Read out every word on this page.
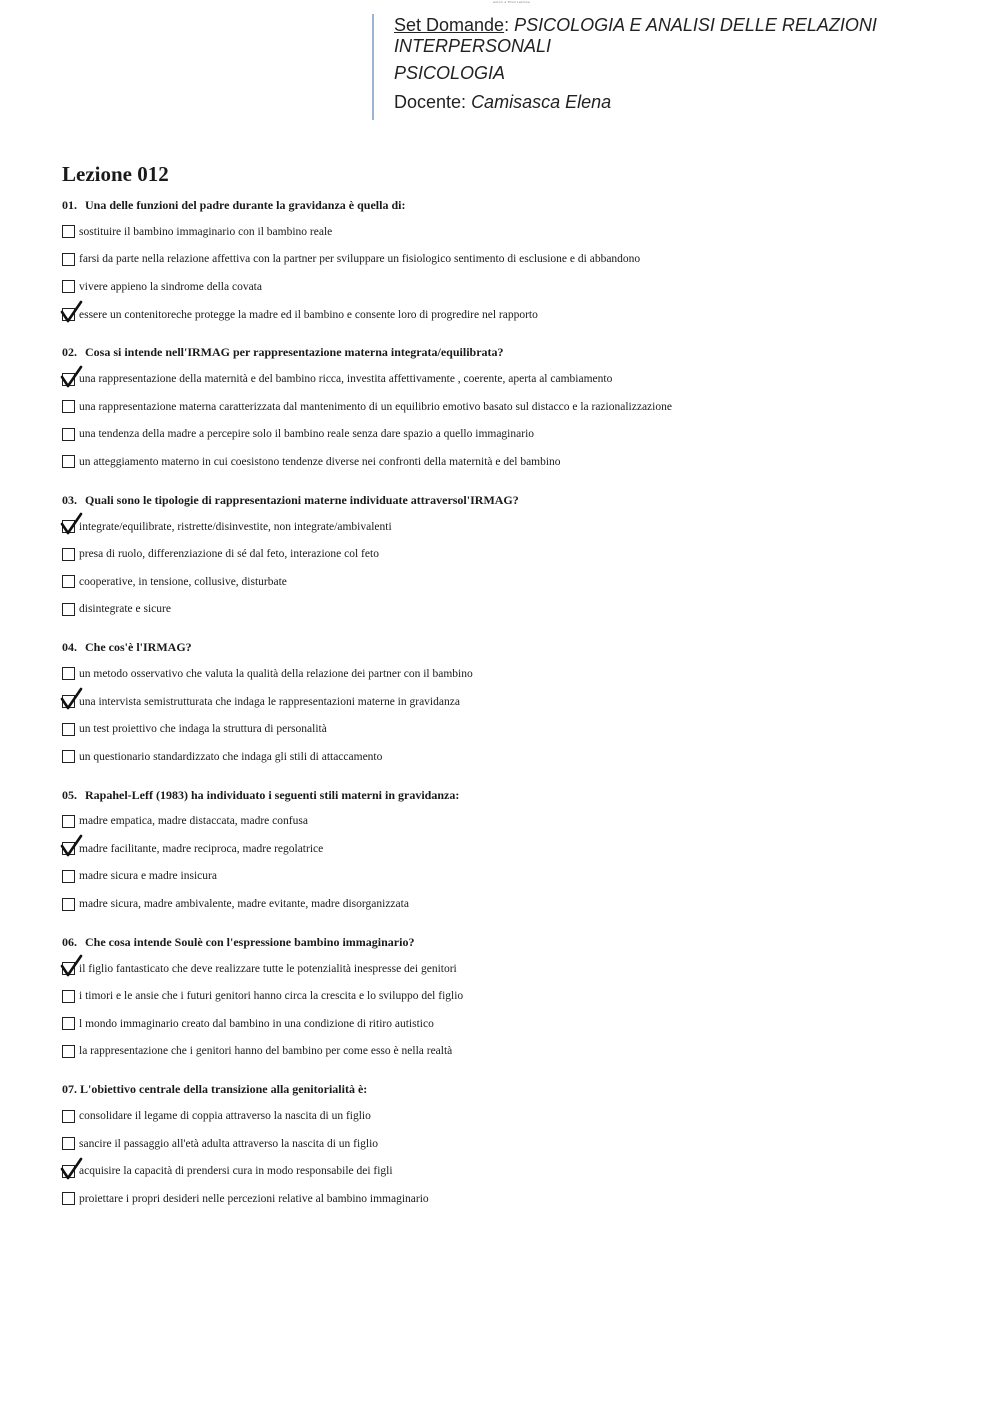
Autori e Titoli Lezione
Set Domande: PSICOLOGIA E ANALISI DELLE RELAZIONI INTERPERSONALI
PSICOLOGIA
Docente: Camisasca Elena
Lezione 012
01. Una delle funzioni del padre durante la gravidanza è quella di:
sostituire il bambino immaginario con il bambino reale
farsi da parte nella relazione affettiva con la partner per sviluppare un fisiologico sentimento di esclusione e di abbandono
vivere appieno la sindrome della covata
essere un contenitoreche protegge la madre ed il bambino e consente loro di progredire nel rapporto
02. Cosa si intende nell'IRMAG per rappresentazione materna integrata/equilibrata?
una rappresentazione della maternità e del bambino ricca, investita affettivamente , coerente, aperta al cambiamento
una rappresentazione materna caratterizzata dal mantenimento di un equilibrio emotivo basato sul distacco e la razionalizzazione
una tendenza della madre a percepire solo il bambino reale senza dare spazio a quello immaginario
un atteggiamento materno in cui coesistono tendenze diverse nei confronti della maternità e del bambino
03. Quali sono le tipologie di rappresentazioni materne individuate attraversol'IRMAG?
integrate/equilibrate, ristrette/disinvestite, non integrate/ambivalenti
presa di ruolo, differenziazione di sé dal feto, interazione col feto
cooperative, in tensione, collusive, disturbate
disintegrate e sicure
04. Che cos'è l'IRMAG?
un metodo osservativo che valuta la qualità della relazione dei partner con il bambino
una intervista semistrutturata che indaga le rappresentazioni materne in gravidanza
un test proiettivo che indaga la struttura di personalità
un questionario standardizzato che indaga gli stili di attaccamento
05. Rapahel-Leff (1983) ha individuato i seguenti stili materni in gravidanza:
madre empatica, madre distaccata, madre confusa
madre facilitante, madre reciproca, madre regolatrice
madre sicura e madre insicura
madre sicura, madre ambivalente, madre evitante, madre disorganizzata
06. Che cosa intende Soulè con l'espressione bambino immaginario?
il figlio fantasticato che deve realizzare tutte le potenzialità inespresse dei genitori
i timori e le ansie che i futuri genitori hanno circa la crescita e lo sviluppo del figlio
l mondo immaginario creato dal bambino in una condizione di ritiro autistico
la rappresentazione che i genitori hanno del bambino per come esso è nella realtà
07. L'obiettivo centrale della transizione alla genitorialità è:
consolidare il legame di coppia attraverso la nascita di un figlio
sancire il passaggio all'età adulta attraverso la nascita di un figlio
acquisire la capacità di prendersi cura in modo responsabile dei figli
proiettare i propri desideri nelle percezioni relative al bambino immaginario
